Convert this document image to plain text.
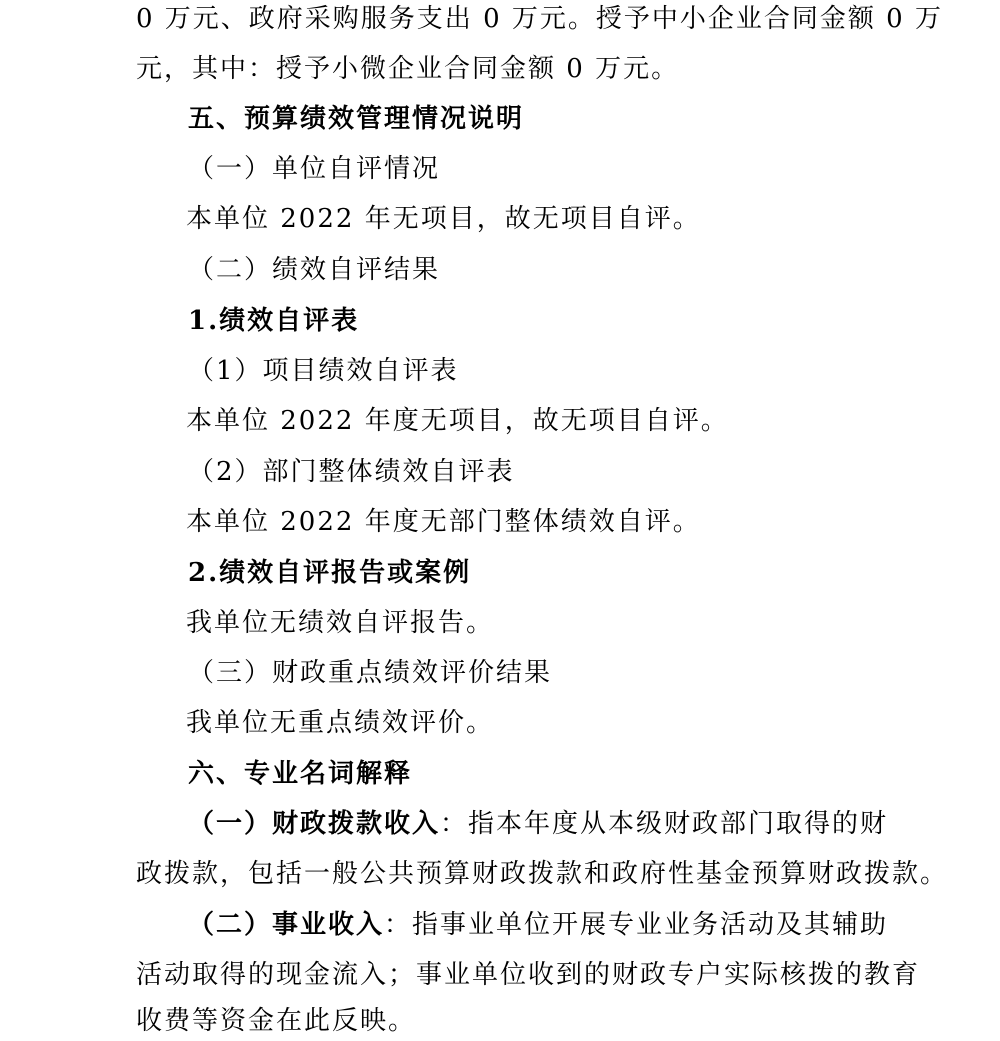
0 万元、政府采购服务支出 0 万元。授予中小企业合同金额 0 万
元，其中：授予小微企业合同金额 0 万元。
五、预算绩效管理情况说明
（一）单位自评情况
本单位 2022 年无项目，故无项目自评。
（二）绩效自评结果
1.绩效自评表
（1）项目绩效自评表
本单位 2022 年度无项目，故无项目自评。
（2）部门整体绩效自评表
本单位 2022 年度无部门整体绩效自评。
2.绩效自评报告或案例
我单位无绩效自评报告。
（三）财政重点绩效评价结果
我单位无重点绩效评价。
六、专业名词解释
（一）财政拨款收入：指本年度从本级财政部门取得的财
政拨款，包括一般公共预算财政拨款和政府性基金预算财政拨款。
（二）事业收入：指事业单位开展专业业务活动及其辅助
活动取得的现金流入；事业单位收到的财政专户实际核拨的教育
收费等资金在此反映。
